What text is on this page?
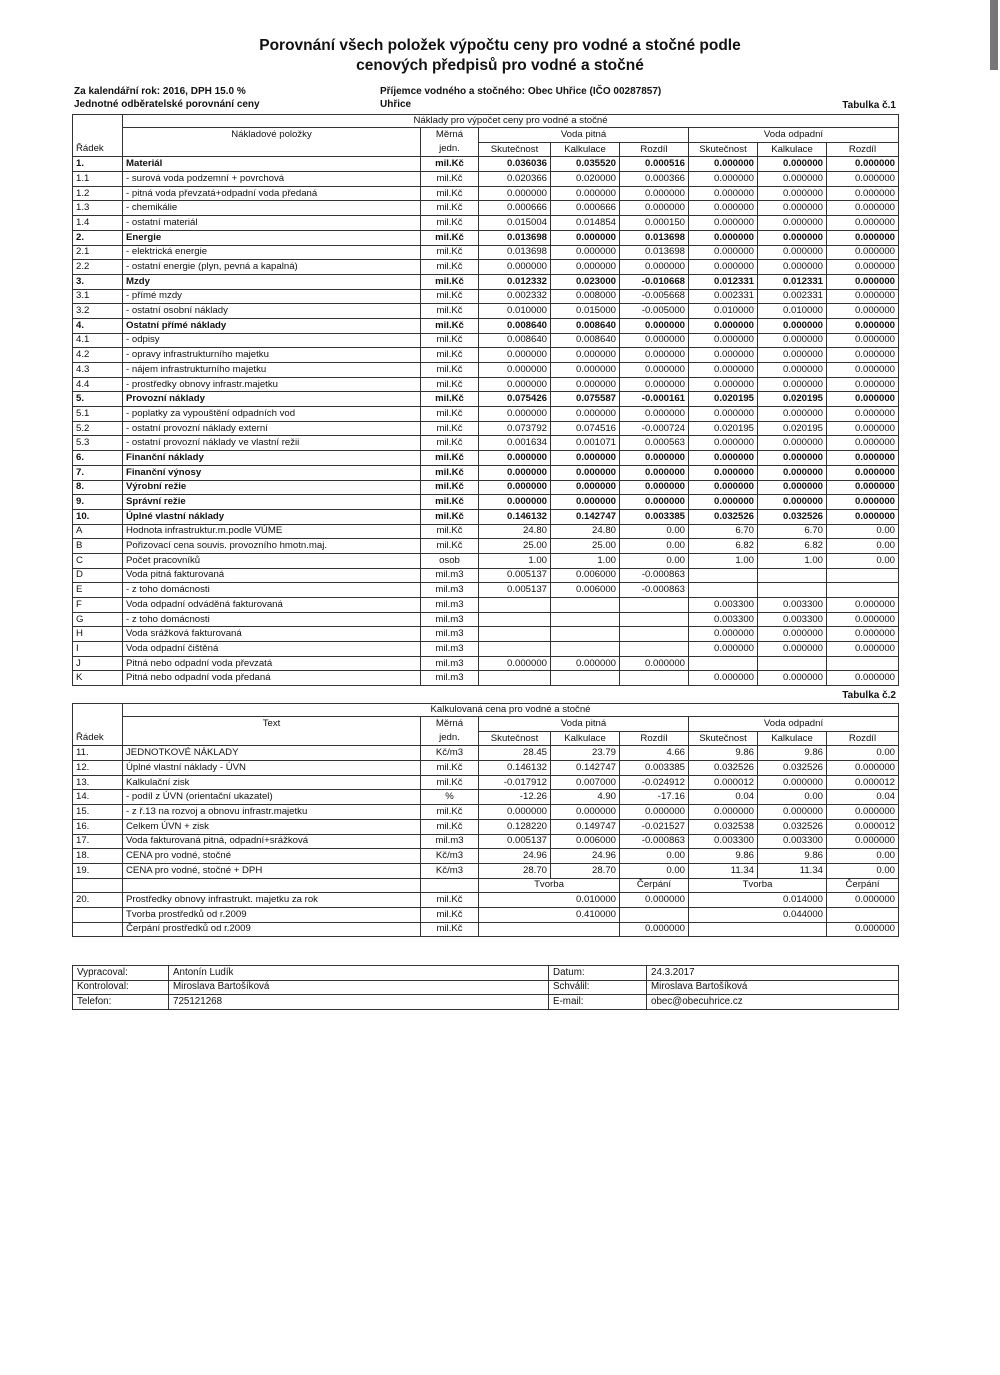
Porovnání všech položek výpočtu ceny pro vodné a stočné podle
cenových předpisů pro vodné a stočné
Za kalendářní rok: 2016, DPH 15.0 %
Jednotné odběratelské porovnání ceny
Příjemce vodného a stočného: Obec Uhřice (IČO 00287857)
Uhřice	Tabulka č.1
	Náklady pro výpočet ceny pro vodné a stočné							
	Nákladové položky	Měrná	Voda pitná			Voda odpadní		
Řádek		jedn.	Skutečnost	Kalkulace	Rozdíl	Skutečnost	Kalkulace	Rozdíl
1.	Materiál	mil.Kč	0.036036	0.035520	0.000516	0.000000	0.000000	0.000000
1.1	- surová voda podzemní + povrchová	mil.Kč	0.020366	0.020000	0.000366	0.000000	0.000000	0.000000
1.2	- pitná voda převzatá+odpadní voda předaná	mil.Kč	0.000000	0.000000	0.000000	0.000000	0.000000	0.000000
1.3	- chemikálie	mil.Kč	0.000666	0.000666	0.000000	0.000000	0.000000	0.000000
1.4	- ostatní materiál	mil.Kč	0.015004	0.014854	0.000150	0.000000	0.000000	0.000000
2.	Energie	mil.Kč	0.013698	0.000000	0.013698	0.000000	0.000000	0.000000
2.1	- elektrická energie	mil.Kč	0.013698	0.000000	0.013698	0.000000	0.000000	0.000000
2.2	- ostatní energie (plyn, pevná a kapalná)	mil.Kč	0.000000	0.000000	0.000000	0.000000	0.000000	0.000000
3.	Mzdy	mil.Kč	0.012332	0.023000	-0.010668	0.012331	0.012331	0.000000
3.1	- přímé mzdy	mil.Kč	0.002332	0.008000	-0.005668	0.002331	0.002331	0.000000
3.2	- ostatní osobní náklady	mil.Kč	0.010000	0.015000	-0.005000	0.010000	0.010000	0.000000
4.	Ostatní přímé náklady	mil.Kč	0.008640	0.008640	0.000000	0.000000	0.000000	0.000000
4.1	- odpisy	mil.Kč	0.008640	0.008640	0.000000	0.000000	0.000000	0.000000
4.2	- opravy infrastrukturního majetku	mil.Kč	0.000000	0.000000	0.000000	0.000000	0.000000	0.000000
4.3	- nájem infrastrukturního majetku	mil.Kč	0.000000	0.000000	0.000000	0.000000	0.000000	0.000000
4.4	- prostředky obnovy infrastr.majetku	mil.Kč	0.000000	0.000000	0.000000	0.000000	0.000000	0.000000
5.	Provozní náklady	mil.Kč	0.075426	0.075587	-0.000161	0.020195	0.020195	0.000000
5.1	- poplatky za vypouštění odpadních vod	mil.Kč	0.000000	0.000000	0.000000	0.000000	0.000000	0.000000
5.2	- ostatní provozní náklady externí	mil.Kč	0.073792	0.074516	-0.000724	0.020195	0.020195	0.000000
5.3	- ostatní provozní náklady ve vlastní režii	mil.Kč	0.001634	0.001071	0.000563	0.000000	0.000000	0.000000
6.	Finanční náklady	mil.Kč	0.000000	0.000000	0.000000	0.000000	0.000000	0.000000
7.	Finanční výnosy	mil.Kč	0.000000	0.000000	0.000000	0.000000	0.000000	0.000000
8.	Výrobní režie	mil.Kč	0.000000	0.000000	0.000000	0.000000	0.000000	0.000000
9.	Správní režie	mil.Kč	0.000000	0.000000	0.000000	0.000000	0.000000	0.000000
10.	Úplné vlastní náklady	mil.Kč	0.146132	0.142747	0.003385	0.032526	0.032526	0.000000
A	Hodnota infrastruktur.m.podle VÚME	mil.Kč	24.80	24.80	0.00	6.70	6.70	0.00
B	Pořizovací cena souvis. provozního hmotn.maj.	mil.Kč	25.00	25.00	0.00	6.82	6.82	0.00
C	Počet pracovníků	osob	1.00	1.00	0.00	1.00	1.00	0.00
D	Voda pitná fakturovaná	mil.m3	0.005137	0.006000	-0.000863			
E	- z toho domácnosti	mil.m3	0.005137	0.006000	-0.000863			
F	Voda odpadní odváděná fakturovaná	mil.m3				0.003300	0.003300	0.000000
G	- z toho domácnosti	mil.m3				0.003300	0.003300	0.000000
H	Voda srážková fakturovaná	mil.m3				0.000000	0.000000	0.000000
I	Voda odpadní čištěná	mil.m3				0.000000	0.000000	0.000000
J	Pitná nebo odpadní voda převzatá	mil.m3	0.000000	0.000000	0.000000			
K	Pitná nebo odpadní voda předaná	mil.m3				0.000000	0.000000	0.000000
Tabulka č.2
	Kalkulovaná cena pro vodné a stočné							
	Text	Měrná	Voda pitná			Voda odpadní		
Řádek		jedn.	Skutečnost	Kalkulace	Rozdíl	Skutečnost	Kalkulace	Rozdíl
11.	JEDNOTKOVÉ NÁKLADY	Kč/m3	28.45	23.79	4.66	9.86	9.86	0.00
12.	Úplné vlastní náklady - ÚVN	mil.Kč	0.146132	0.142747	0.003385	0.032526	0.032526	0.000000
13.	Kalkulační zisk	mil.Kč	-0.017912	0.007000	-0.024912	0.000012	0.000000	0.000012
14.	- podíl z ÚVN (orientační ukazatel)	%	-12.26	4.90	-17.16	0.04	0.00	0.04
15.	- z ř.13 na rozvoj a obnovu infrastr.majetku	mil.Kč	0.000000	0.000000	0.000000	0.000000	0.000000	0.000000
16.	Celkem ÚVN + zisk	mil.Kč	0.128220	0.149747	-0.021527	0.032538	0.032526	0.000012
17.	Voda fakturovaná pitná, odpadní+srážková	mil.m3	0.005137	0.006000	-0.000863	0.003300	0.003300	0.000000
18.	CENA pro vodné, stočné	Kč/m3	24.96	24.96	0.00	9.86	9.86	0.00
19.	CENA pro vodné, stočné + DPH	Kč/m3	28.70	28.70	0.00	11.34	11.34	0.00
			Tvorba		Čerpání	Tvorba		Čerpání
20.	Prostředky obnovy infrastrukt. majetku za rok	mil.Kč	0.010000		0.000000	0.014000		0.000000
	Tvorba prostředků od r.2009	mil.Kč	0.410000			0.044000		
	Čerpání prostředků od r.2009	mil.Kč			0.000000			0.000000
Vypracoval:	Antonín Ludík	Datum:	24.3.2017
Kontroloval:	Miroslava Bartošíková	Schválil:	Miroslava Bartošíková
Telefon:	725121268	E-mail:	obec@obecuhrice.cz
